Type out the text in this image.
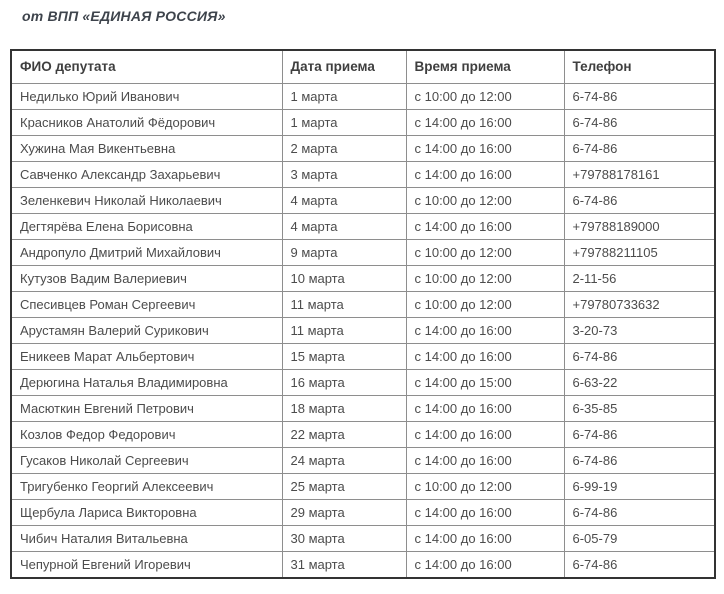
от ВПП «ЕДИНАЯ РОССИЯ»
ФИО депутата	Дата приема	Время приема	Телефон
Недилько Юрий Иванович	1 марта	с 10:00 до 12:00	6-74-86
Красников Анатолий Фёдорович	1 марта	с 14:00 до 16:00	6-74-86
Хужина Мая Викентьевна	2 марта	с 14:00 до 16:00	6-74-86
Савченко Александр Захарьевич	3 марта	с 14:00 до 16:00	+79788178161
Зеленкевич Николай Николаевич	4 марта	с 10:00 до 12:00	6-74-86
Дегтярёва Елена Борисовна	4 марта	с 14:00 до 16:00	+79788189000
Андропуло Дмитрий Михайлович	9 марта	с 10:00 до 12:00	+79788211105
Кутузов Вадим Валериевич	10 марта	с 10:00 до 12:00	2-11-56
Спесивцев Роман Сергеевич	11 марта	с 10:00 до 12:00	+79780733632
Арустамян Валерий Сурикович	11 марта	с 14:00 до 16:00	3-20-73
Еникеев Марат Альбертович	15 марта	с 14:00 до 16:00	6-74-86
Дерюгина Наталья Владимировна	16 марта	с 14:00 до 15:00	6-63-22
Масюткин Евгений Петрович	18 марта	с 14:00 до 16:00	6-35-85
Козлов Федор Федорович	22 марта	с 14:00 до 16:00	6-74-86
Гусаков Николай Сергеевич	24 марта	с 14:00 до 16:00	6-74-86
Тригубенко Георгий Алексеевич	25 марта	с 10:00 до 12:00	6-99-19
Щербула Лариса Викторовна	29 марта	с 14:00 до 16:00	6-74-86
Чибич Наталия Витальевна	30 марта	с 14:00 до 16:00	6-05-79
Чепурной Евгений Игоревич	31 марта	с 14:00 до 16:00	6-74-86
